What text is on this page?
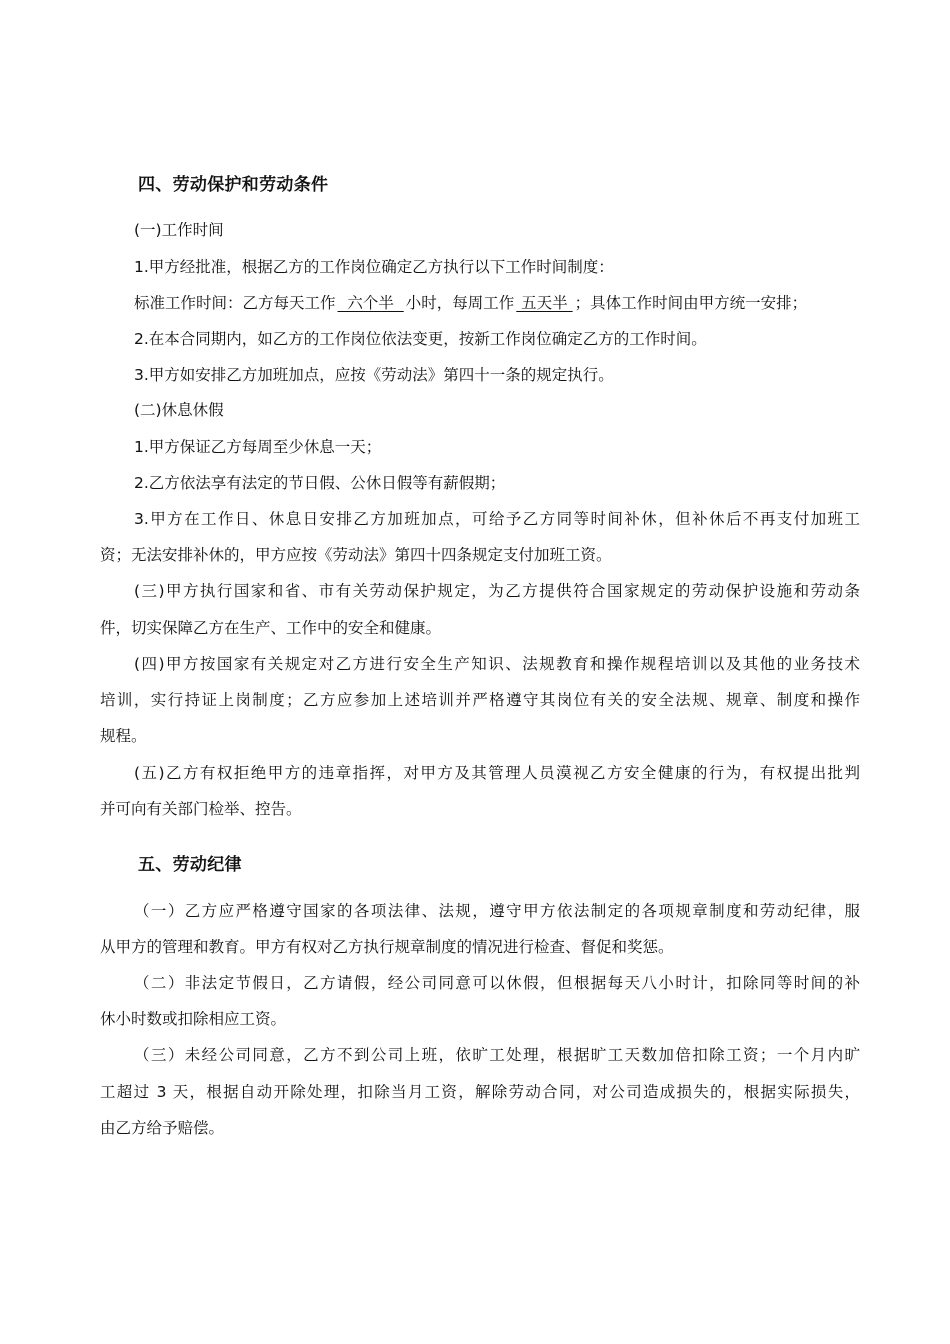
四、劳动保护和劳动条件

(一)工作时间

1.甲方经批准，根据乙方的工作岗位确定乙方执行以下工作时间制度：

标准工作时间：乙方每天工作  六个半  小时，每周工作 五天半 ；具体工作时间由甲方统一安排；

2.在本合同期内，如乙方的工作岗位依法变更，按新工作岗位确定乙方的工作时间。

3.甲方如安排乙方加班加点，应按《劳动法》第四十一条的规定执行。

(二)休息休假

1.甲方保证乙方每周至少休息一天；

2.乙方依法享有法定的节日假、公休日假等有薪假期；

3.甲方在工作日、休息日安排乙方加班加点，可给予乙方同等时间补休，但补休后不再支付加班工

资；无法安排补休的，甲方应按《劳动法》第四十四条规定支付加班工资。

(三)甲方执行国家和省、市有关劳动保护规定，为乙方提供符合国家规定的劳动保护设施和劳动条

件，切实保障乙方在生产、工作中的安全和健康。

(四)甲方按国家有关规定对乙方进行安全生产知识、法规教育和操作规程培训以及其他的业务技术

培训，实行持证上岗制度；乙方应参加上述培训并严格遵守其岗位有关的安全法规、规章、制度和操作

规程。

(五)乙方有权拒绝甲方的违章指挥，对甲方及其管理人员漠视乙方安全健康的行为，有权提出批判

并可向有关部门检举、控告。

五、劳动纪律

（一）乙方应严格遵守国家的各项法律、法规，遵守甲方依法制定的各项规章制度和劳动纪律，服

从甲方的管理和教育。甲方有权对乙方执行规章制度的情况进行检查、督促和奖惩。

（二）非法定节假日，乙方请假，经公司同意可以休假，但根据每天八小时计，扣除同等时间的补

休小时数或扣除相应工资。

（三）未经公司同意，乙方不到公司上班，依旷工处理，根据旷工天数加倍扣除工资；一个月内旷

工超过 3 天，根据自动开除处理，扣除当月工资，解除劳动合同，对公司造成损失的，根据实际损失，

由乙方给予赔偿。
